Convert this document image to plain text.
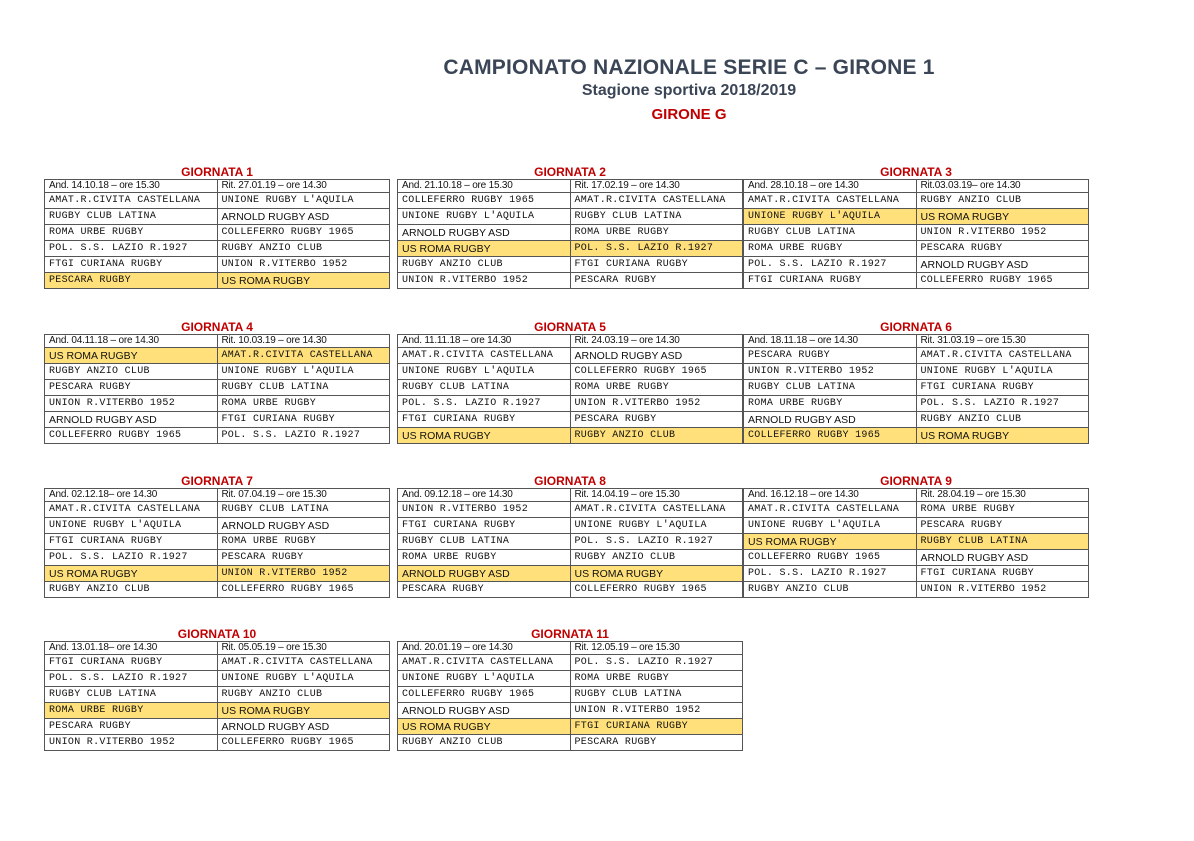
CAMPIONATO NAZIONALE SERIE C – GIRONE 1
Stagione sportiva 2018/2019
GIRONE G
GIORNATA 1
And. 14.10.18 – ore 15.30	Rit. 27.01.19 – ore 14.30
AMAT.R.CIVITA CASTELLANA	UNIONE RUGBY L'AQUILA
RUGBY CLUB LATINA	ARNOLD RUGBY ASD
ROMA URBE RUGBY	COLLEFERRO RUGBY 1965
POL. S.S. LAZIO R.1927	RUGBY ANZIO CLUB
FTGI CURIANA RUGBY	UNION R.VITERBO 1952
PESCARA RUGBY	US ROMA RUGBY
GIORNATA 2
And. 21.10.18 – ore 15.30	Rit. 17.02.19 – ore 14.30
COLLEFERRO RUGBY 1965	AMAT.R.CIVITA CASTELLANA
UNIONE RUGBY L'AQUILA	RUGBY CLUB LATINA
ARNOLD RUGBY ASD	ROMA URBE RUGBY
US ROMA RUGBY	POL. S.S. LAZIO R.1927
RUGBY ANZIO CLUB	FTGI CURIANA RUGBY
UNION R.VITERBO 1952	PESCARA RUGBY
GIORNATA 3
And. 28.10.18 – ore 14.30	Rit.03.03.19– ore 14.30
AMAT.R.CIVITA CASTELLANA	RUGBY ANZIO CLUB
UNIONE RUGBY L'AQUILA	US ROMA RUGBY
RUGBY CLUB LATINA	UNION R.VITERBO 1952
ROMA URBE RUGBY	PESCARA RUGBY
POL. S.S. LAZIO R.1927	ARNOLD RUGBY ASD
FTGI CURIANA RUGBY	COLLEFERRO RUGBY 1965
GIORNATA 4
And. 04.11.18 – ore 14.30	Rit. 10.03.19 – ore 14.30
US ROMA RUGBY	AMAT.R.CIVITA CASTELLANA
RUGBY ANZIO CLUB	UNIONE RUGBY L'AQUILA
PESCARA RUGBY	RUGBY CLUB LATINA
UNION R.VITERBO 1952	ROMA URBE RUGBY
ARNOLD RUGBY ASD	FTGI CURIANA RUGBY
COLLEFERRO RUGBY 1965	POL. S.S. LAZIO R.1927
GIORNATA 5
And. 11.11.18 – ore 14.30	Rit. 24.03.19 – ore 14.30
AMAT.R.CIVITA CASTELLANA	ARNOLD RUGBY ASD
UNIONE RUGBY L'AQUILA	COLLEFERRO RUGBY 1965
RUGBY CLUB LATINA	ROMA URBE RUGBY
POL. S.S. LAZIO R.1927	UNION R.VITERBO 1952
FTGI CURIANA RUGBY	PESCARA RUGBY
US ROMA RUGBY	RUGBY ANZIO CLUB
GIORNATA 6
And. 18.11.18 – ore 14.30	Rit. 31.03.19 – ore 15.30
PESCARA RUGBY	AMAT.R.CIVITA CASTELLANA
UNION R.VITERBO 1952	UNIONE RUGBY L'AQUILA
RUGBY CLUB LATINA	FTGI CURIANA RUGBY
ROMA URBE RUGBY	POL. S.S. LAZIO R.1927
ARNOLD RUGBY ASD	RUGBY ANZIO CLUB
COLLEFERRO RUGBY 1965	US ROMA RUGBY
GIORNATA 7
And. 02.12.18– ore 14.30	Rit. 07.04.19 – ore 15.30
AMAT.R.CIVITA CASTELLANA	RUGBY CLUB LATINA
UNIONE RUGBY L'AQUILA	ARNOLD RUGBY ASD
FTGI CURIANA RUGBY	ROMA URBE RUGBY
POL. S.S. LAZIO R.1927	PESCARA RUGBY
US ROMA RUGBY	UNION R.VITERBO 1952
RUGBY ANZIO CLUB	COLLEFERRO RUGBY 1965
GIORNATA 8
And. 09.12.18 – ore 14.30	Rit. 14.04.19 – ore 15.30
UNION R.VITERBO 1952	AMAT.R.CIVITA CASTELLANA
FTGI CURIANA RUGBY	UNIONE RUGBY L'AQUILA
RUGBY CLUB LATINA	POL. S.S. LAZIO R.1927
ROMA URBE RUGBY	RUGBY ANZIO CLUB
ARNOLD RUGBY ASD	US ROMA RUGBY
PESCARA RUGBY	COLLEFERRO RUGBY 1965
GIORNATA 9
And. 16.12.18 – ore 14.30	Rit. 28.04.19 – ore 15.30
AMAT.R.CIVITA CASTELLANA	ROMA URBE RUGBY
UNIONE RUGBY L'AQUILA	PESCARA RUGBY
US ROMA RUGBY	RUGBY CLUB LATINA
COLLEFERRO RUGBY 1965	ARNOLD RUGBY ASD
POL. S.S. LAZIO R.1927	FTGI CURIANA RUGBY
RUGBY ANZIO CLUB	UNION R.VITERBO 1952
GIORNATA 10
And. 13.01.18– ore 14.30	Rit. 05.05.19 – ore 15.30
FTGI CURIANA RUGBY	AMAT.R.CIVITA CASTELLANA
POL. S.S. LAZIO R.1927	UNIONE RUGBY L'AQUILA
RUGBY CLUB LATINA	RUGBY ANZIO CLUB
ROMA URBE RUGBY	US ROMA RUGBY
PESCARA RUGBY	ARNOLD RUGBY ASD
UNION R.VITERBO 1952	COLLEFERRO RUGBY 1965
GIORNATA 11
And. 20.01.19 – ore 14.30	Rit. 12.05.19 – ore 15.30
AMAT.R.CIVITA CASTELLANA	POL. S.S. LAZIO R.1927
UNIONE RUGBY L'AQUILA	ROMA URBE RUGBY
COLLEFERRO RUGBY 1965	RUGBY CLUB LATINA
ARNOLD RUGBY ASD	UNION R.VITERBO 1952
US ROMA RUGBY	FTGI CURIANA RUGBY
RUGBY ANZIO CLUB	PESCARA RUGBY
